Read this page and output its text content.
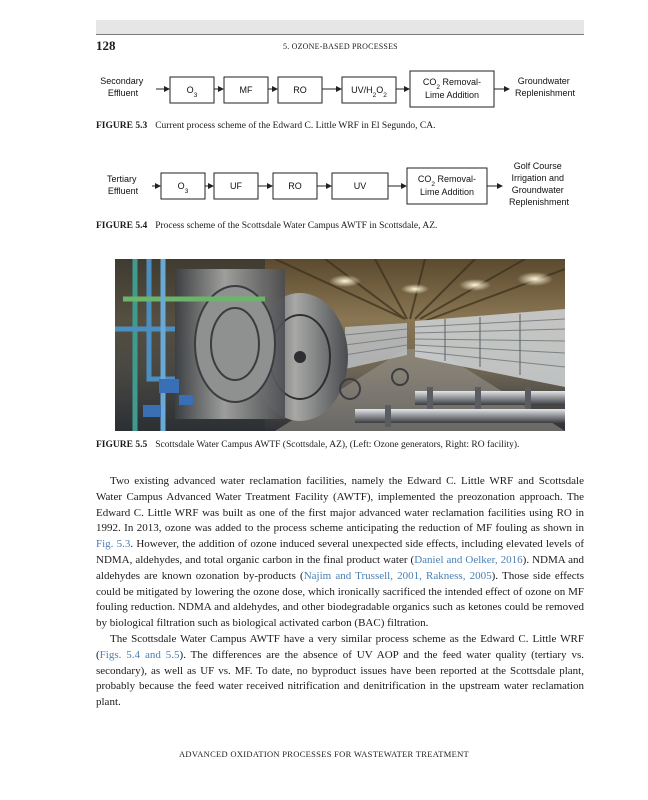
128	5. OZONE-BASED PROCESSES
Secondary Effluent	$O_3$	MF	RO	$UV/H_2O_2$
$CO_2$ Removal-
Lime Addition
Groundwater Replenishment
FIGURE 5.3 Current process scheme of the Edward C. Little WRF in El Segundo, CA.
Tertiary Effluent	$O_3$	UF	RO	UV
$CO_2$ Removal-
Lime Addition
Golf Course Irrigation and Groundwater Replenishment
FIGURE 5.4 Process scheme of the Scottsdale Water Campus AWTF in Scottsdale, AZ.
FIGURE 5.5 Scottsdale Water Campus AWTF (Scottsdale, AZ), (Left: Ozone generators, Right: RO facility).

Two existing advanced water reclamation facilities, namely the Edward C. Little WRF and Scottsdale Water Campus Advanced Water Treatment Facility (AWTF), implemented the preozonation approach. The Edward C. Little WRF was built as one of the first major advanced water reclamation facilities using RO in 1992. In 2013, ozone was added to the process scheme anticipating the reduction of MF fouling as shown in Fig. 5.3. However, the addition of ozone induced several unexpected side effects, including elevated levels of NDMA, aldehydes, and total organic carbon in the final product water (Daniel and Oelker, 2016). NDMA and aldehydes are known ozonation by-products (Najim and Trussell, 2001, Rakness, 2005). Those side effects could be mitigated by lowering the ozone dose, which ironically sacrificed the intended effect of ozone on MF fouling reduction. NDMA and aldehydes, and other biodegradable organics such as ketones could be removed by biological filtration such as biological activated carbon (BAC) filtration.

The Scottsdale Water Campus AWTF have a very similar process scheme as the Edward C. Little WRF (Figs. 5.4 and 5.5). The differences are the absence of UV AOP and the feed water quality (tertiary vs. secondary), as well as UF vs. MF. To date, no byproduct issues have been reported at the Scottsdale plant, probably because the feed water received nitrification and denitrification in the upstream water reclamation plant.

ADVANCED OXIDATION PROCESSES FOR WASTEWATER TREATMENT
